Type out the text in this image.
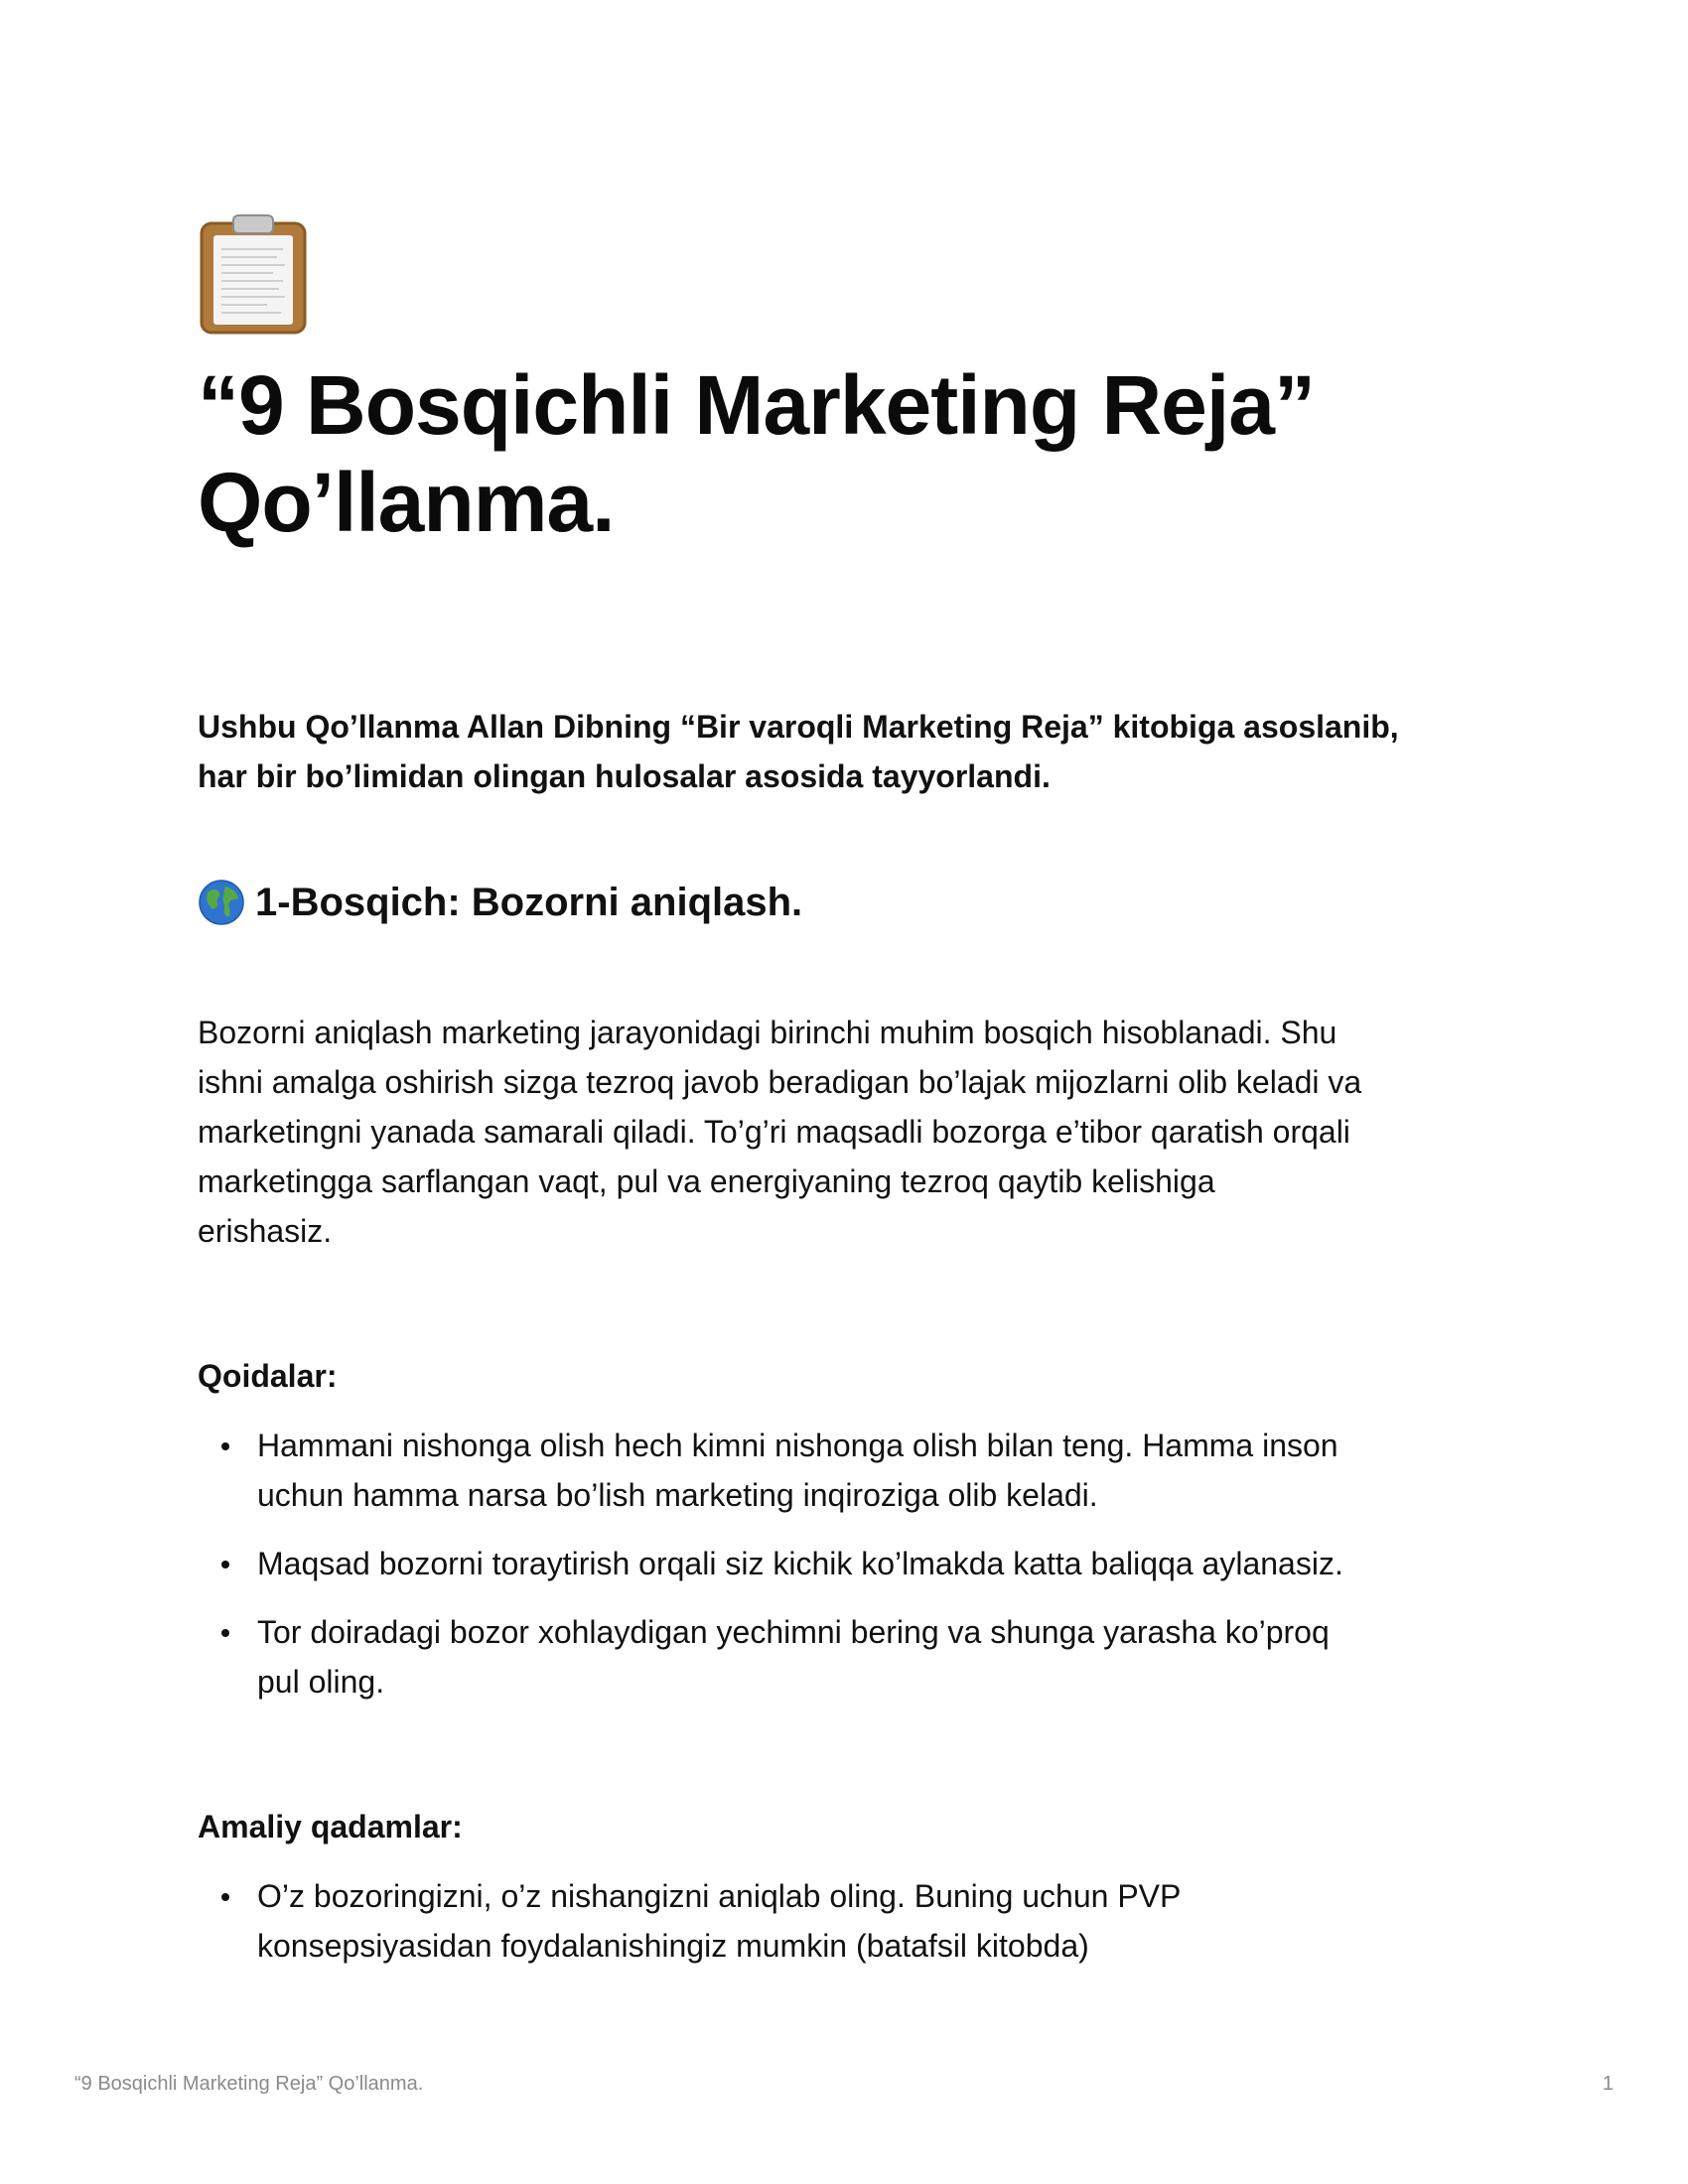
“9 Bosqichli Marketing Reja”
Qo’llanma.

Ushbu Qo’llanma Allan Dibning “Bir varoqli Marketing Reja” kitobiga asoslanib,
har bir bo’limidan olingan hulosalar asosida tayyorlandi.

1-Bosqich: Bozorni aniqlash.

Bozorni aniqlash marketing jarayonidagi birinchi muhim bosqich hisoblanadi. Shu
ishni amalga oshirish sizga tezroq javob beradigan bo’lajak mijozlarni olib keladi va
marketingni yanada samarali qiladi. To’g’ri maqsadli bozorga e’tibor qaratish orqali
marketingga sarflangan vaqt, pul va energiyaning tezroq qaytib kelishiga
erishasiz.

Qoidalar:
Hammani nishonga olish hech kimni nishonga olish bilan teng. Hamma inson
uchun hamma narsa bo’lish marketing inqiroziga olib keladi.
Maqsad bozorni toraytirish orqali siz kichik ko’lmakda katta baliqqa aylanasiz.
Tor doiradagi bozor xohlaydigan yechimni bering va shunga yarasha ko’proq
pul oling.
Amaliy qadamlar:
O’z bozoringizni, o’z nishangizni aniqlab oling. Buning uchun PVP
konsepsiyasidan foydalanishingiz mumkin (batafsil kitobda)
“9 Bosqichli Marketing Reja” Qo’llanma.	1
